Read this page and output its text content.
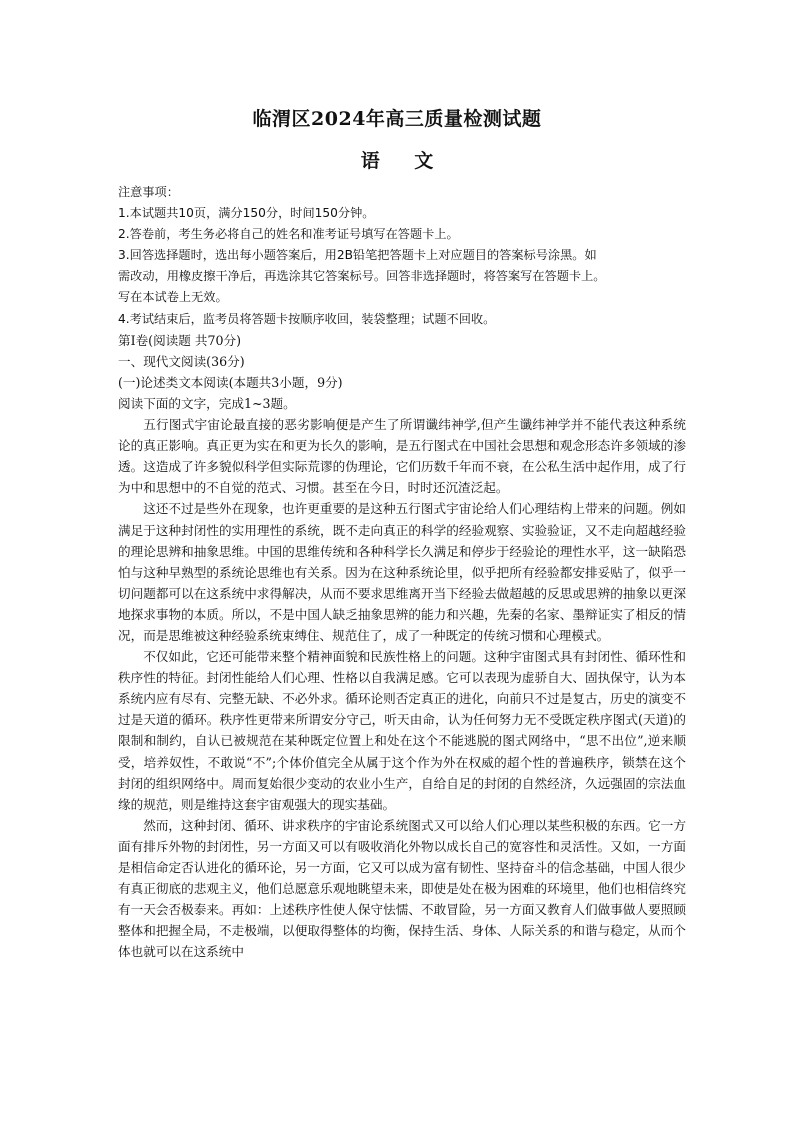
临渭区2024年高三质量检测试题
语 文
注意事项：
1.本试题共10页，满分150分，时间150分钟。
2.答卷前，考生务必将自己的姓名和准考证号填写在答题卡上。
3.回答选择题时，选出每小题答案后，用2B铅笔把答题卡上对应题目的答案标号涂黑。如
需改动，用橡皮擦干净后，再选涂其它答案标号。回答非选择题时，将答案写在答题卡上。
写在本试卷上无效。
4.考试结束后，监考员将答题卡按顺序收回，装袋整理；试题不回收。
第Ⅰ卷(阅读题 共70分)
一、现代文阅读(36分)
(一)论述类文本阅读(本题共3小题，9分)
阅读下面的文字，完成1~3题。

五行图式宇宙论最直接的恶劣影响便是产生了所谓谶纬神学,但产生谶纬神学并不能代表这种系统论的真正影响。真正更为实在和更为长久的影响，是五行图式在中国社会思想和观念形态许多领域的渗透。这造成了许多貌似科学但实际荒谬的伪理论，它们历数千年而不衰，在公私生活中起作用，成了行为中和思想中的不自觉的范式、习惯。甚至在今日，时时还沉渣泛起。

这还不过是些外在现象，也许更重要的是这种五行图式宇宙论给人们心理结构上带来的问题。例如满足于这种封闭性的实用理性的系统，既不走向真正的科学的经验观察、实验验证，又不走向超越经验的理论思辨和抽象思维。中国的思维传统和各种科学长久满足和停步于经验论的理性水平，这一缺陷恐怕与这种早熟型的系统论思维也有关系。因为在这种系统论里，似乎把所有经验都安排妥贴了，似乎一切问题都可以在这系统中求得解决，从而不要求思维离开当下经验去做超越的反思或思辨的抽象以更深地探求事物的本质。所以，不是中国人缺乏抽象思辨的能力和兴趣，先秦的名家、墨辩证实了相反的情况，而是思维被这种经验系统束缚住、规范住了，成了一种既定的传统习惯和心理模式。

不仅如此，它还可能带来整个精神面貌和民族性格上的问题。这种宇宙图式具有封闭性、循环性和秩序性的特征。封闭性能给人们心理、性格以自我满足感。它可以表现为虚骄自大、固执保守，认为本系统内应有尽有、完整无缺、不必外求。循环论则否定真正的进化，向前只不过是复古，历史的演变不过是天道的循环。秩序性更带来所谓安分守己，听天由命，认为任何努力无不受既定秩序图式(天道)的限制和制约，自认已被规范在某种既定位置上和处在这个不能逃脱的图式网络中，“思不出位”,逆来顺受，培养奴性，不敢说“不”;个体价值完全从属于这个作为外在权威的超个性的普遍秩序，锁禁在这个封闭的组织网络中。周而复始很少变动的农业小生产，自给自足的封闭的自然经济，久远强固的宗法血缘的规范，则是维持这套宇宙观强大的现实基础。

然而，这种封闭、循环、讲求秩序的宇宙论系统图式又可以给人们心理以某些积极的东西。它一方面有排斥外物的封闭性，另一方面又可以有吸收消化外物以成长自己的宽容性和灵活性。又如，一方面是相信命定否认进化的循环论，另一方面，它又可以成为富有韧性、坚持奋斗的信念基础，中国人很少有真正彻底的悲观主义，他们总愿意乐观地眺望未来，即使是处在极为困难的环境里，他们也相信终究有一天会否极泰来。再如：上述秩序性使人保守怯懦、不敢冒险，另一方面又教育人们做事做人要照顾整体和把握全局，不走极端，以便取得整体的均衡，保持生活、身体、人际关系的和谐与稳定，从而个体也就可以在这系统中
